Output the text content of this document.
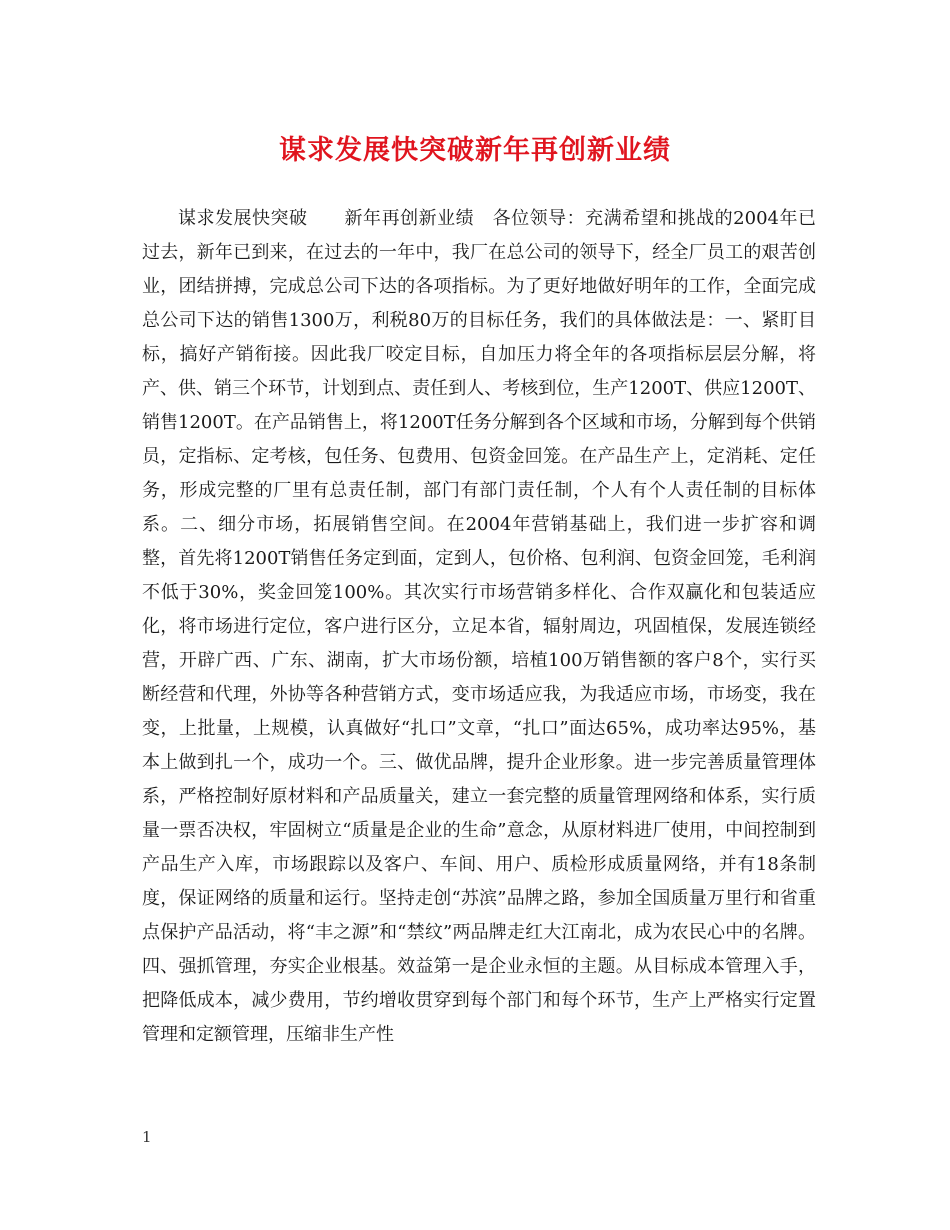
谋求发展快突破新年再创新业绩

谋求发展快突破　　新年再创新业绩　各位领导：充满希望和挑战的2004年已过去，新年已到来，在过去的一年中，我厂在总公司的领导下，经全厂员工的艰苦创业，团结拼搏，完成总公司下达的各项指标。为了更好地做好明年的工作，全面完成总公司下达的销售1300万，利税80万的目标任务，我们的具体做法是：一、紧盯目标，搞好产销衔接。因此我厂咬定目标，自加压力将全年的各项指标层层分解，将产、供、销三个环节，计划到点、责任到人、考核到位，生产1200T、供应1200T、销售1200T。在产品销售上，将1200T任务分解到各个区域和市场，分解到每个供销员，定指标、定考核，包任务、包费用、包资金回笼。在产品生产上，定消耗、定任务，形成完整的厂里有总责任制，部门有部门责任制，个人有个人责任制的目标体系。二、细分市场，拓展销售空间。在2004年营销基础上，我们进一步扩容和调整，首先将1200T销售任务定到面，定到人，包价格、包利润、包资金回笼，毛利润不低于30%，奖金回笼100%。其次实行市场营销多样化、合作双赢化和包装适应化，将市场进行定位，客户进行区分，立足本省，辐射周边，巩固植保，发展连锁经营，开辟广西、广东、湖南，扩大市场份额，培植100万销售额的客户8个，实行买断经营和代理，外协等各种营销方式，变市场适应我，为我适应市场，市场变，我在变，上批量，上规模，认真做好“扎口”文章，“扎口”面达65%，成功率达95%，基本上做到扎一个，成功一个。三、做优品牌，提升企业形象。进一步完善质量管理体系，严格控制好原材料和产品质量关，建立一套完整的质量管理网络和体系，实行质量一票否决权，牢固树立“质量是企业的生命”意念，从原材料进厂使用，中间控制到产品生产入库，市场跟踪以及客户、车间、用户、质检形成质量网络，并有18条制度，保证网络的质量和运行。坚持走创“苏滨”品牌之路，参加全国质量万里行和省重点保护产品活动，将“丰之源”和“禁纹”两品牌走红大江南北，成为农民心中的名牌。四、强抓管理，夯实企业根基。效益第一是企业永恒的主题。从目标成本管理入手，把降低成本，减少费用，节约增收贯穿到每个部门和每个环节，生产上严格实行定置管理和定额管理，压缩非生产性

1
